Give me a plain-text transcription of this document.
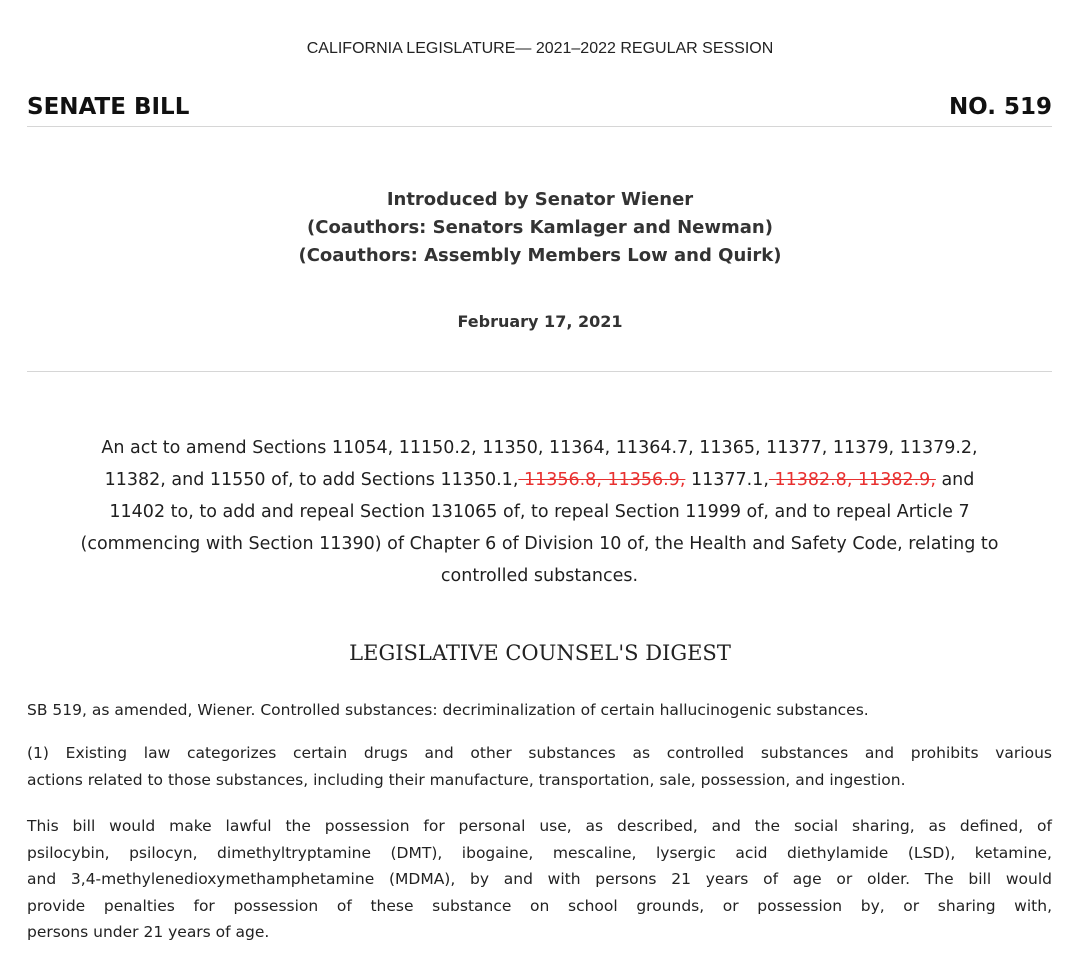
CALIFORNIA LEGISLATURE— 2021–2022 REGULAR SESSION
SENATE BILL	NO. 519
Introduced by Senator Wiener
(Coauthors: Senators Kamlager and Newman)
(Coauthors: Assembly Members Low and Quirk)
February 17, 2021
An act to amend Sections 11054, 11150.2, 11350, 11364, 11364.7, 11365, 11377, 11379, 11379.2,
11382, and 11550 of, to add Sections 11350.1, 11356.8, 11356.9, 11377.1, 11382.8, 11382.9, and
11402 to, to add and repeal Section 131065 of, to repeal Section 11999 of, and to repeal Article 7
(commencing with Section 11390) of Chapter 6 of Division 10 of, the Health and Safety Code, relating to
controlled substances.
LEGISLATIVE COUNSEL'S DIGEST
SB 519, as amended, Wiener. Controlled substances: decriminalization of certain hallucinogenic substances.
(1) Existing law categorizes certain drugs and other substances as controlled substances and prohibits various
actions related to those substances, including their manufacture, transportation, sale, possession, and ingestion.
This bill would make lawful the possession for personal use, as described, and the social sharing, as defined, of
psilocybin, psilocyn, dimethyltryptamine (DMT), ibogaine, mescaline, lysergic acid diethylamide (LSD), ketamine,
and 3,4-methylenedioxymethamphetamine (MDMA), by and with persons 21 years of age or older. The bill would
provide penalties for possession of these substance on school grounds, or possession by, or sharing with,
persons under 21 years of age.
